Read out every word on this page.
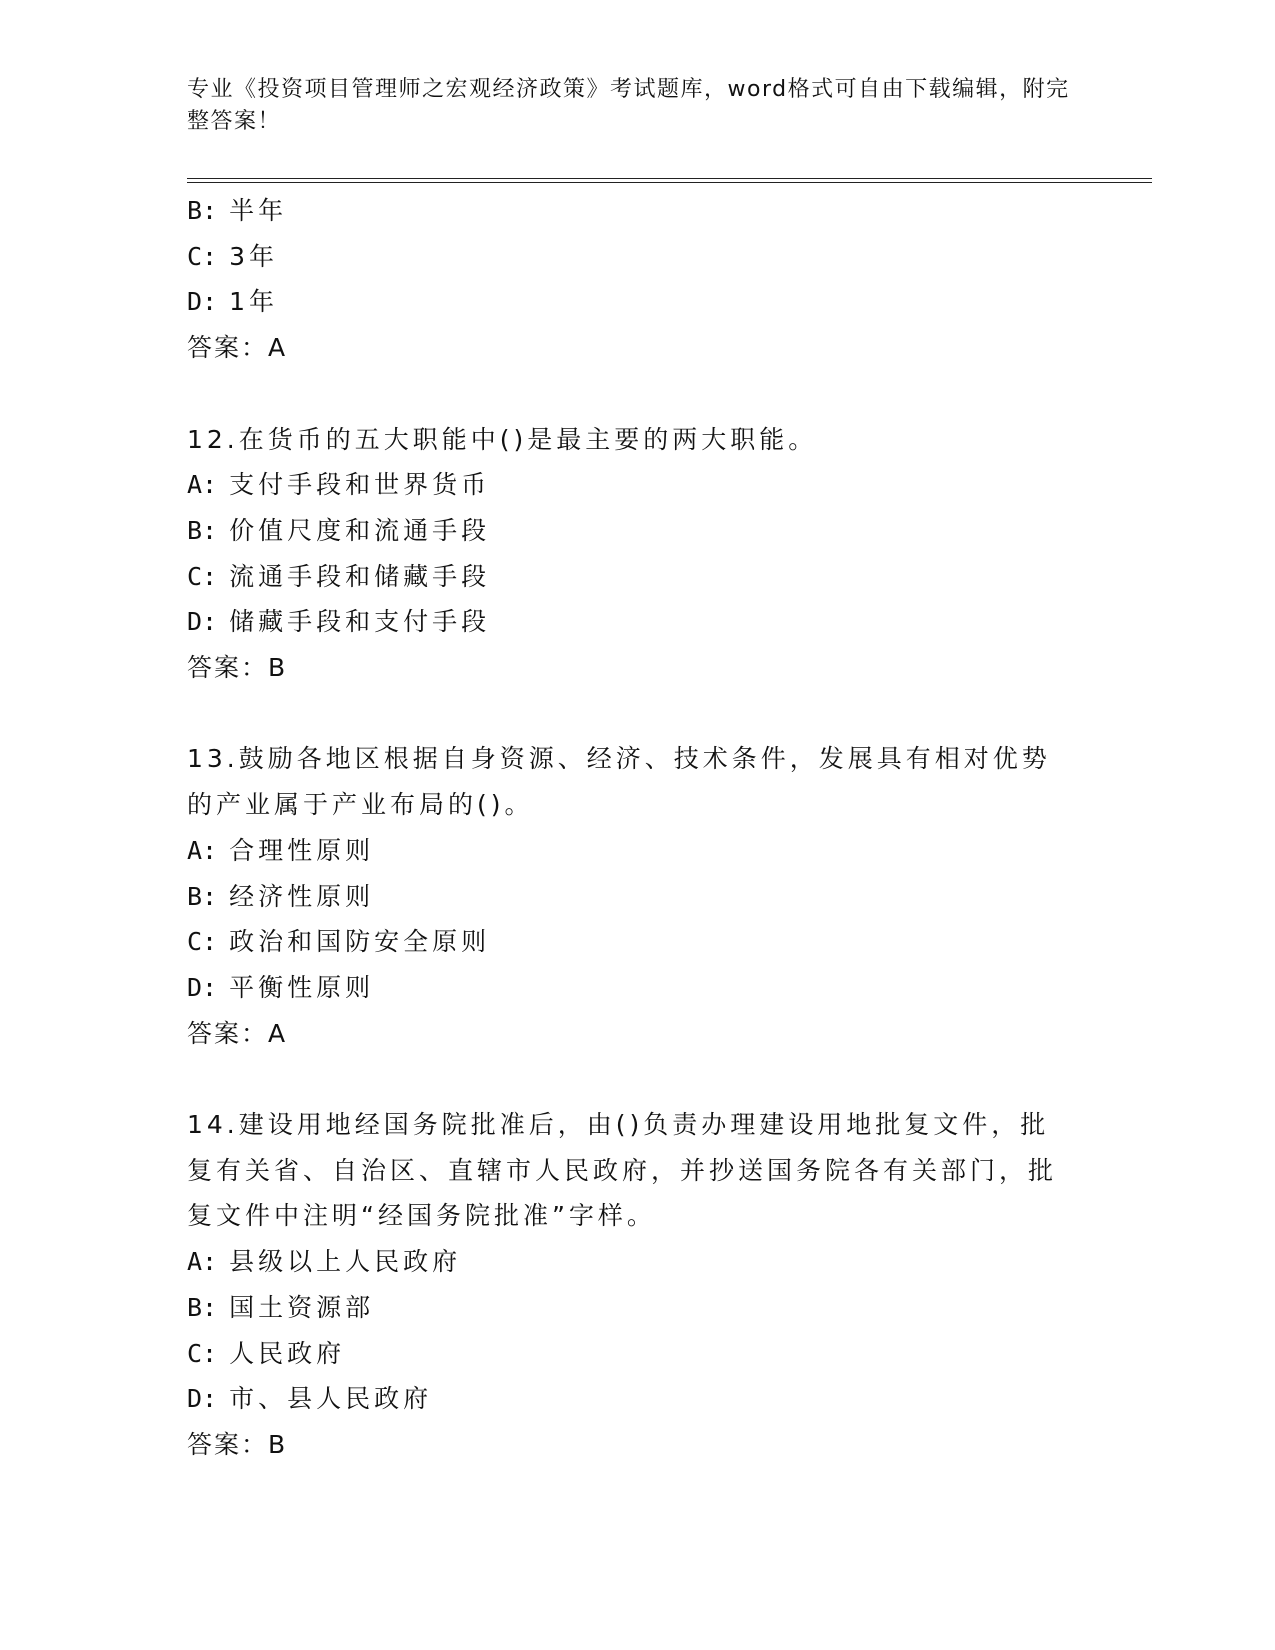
专业《投资项目管理师之宏观经济政策》考试题库，word格式可自由下载编辑，附完整答案！

B: 半年

C: 3年

D: 1年

答案：A

12.在货币的五大职能中()是最主要的两大职能。

A: 支付手段和世界货币

B: 价值尺度和流通手段

C: 流通手段和储藏手段

D: 储藏手段和支付手段

答案：B

13.鼓励各地区根据自身资源、经济、技术条件，发展具有相对优势的产业属于产业布局的()。

A: 合理性原则

B: 经济性原则

C: 政治和国防安全原则

D: 平衡性原则

答案：A

14.建设用地经国务院批准后，由()负责办理建设用地批复文件，批复有关省、自治区、直辖市人民政府，并抄送国务院各有关部门，批复文件中注明“经国务院批准”字样。

A: 县级以上人民政府

B: 国土资源部

C: 人民政府

D: 市、县人民政府

答案：B
